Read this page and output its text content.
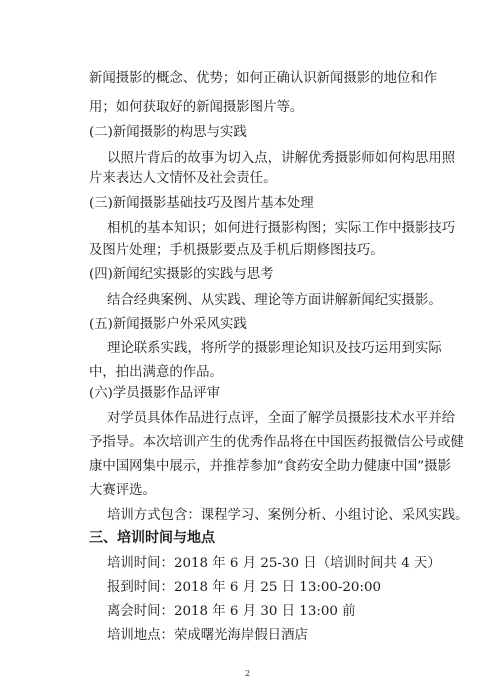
新闻摄影的概念、优势；如何正确认识新闻摄影的地位和作
用；如何获取好的新闻摄影图片等。
(二)新闻摄影的构思与实践
以照片背后的故事为切入点，讲解优秀摄影师如何构思用照
片来表达人文情怀及社会责任。
(三)新闻摄影基础技巧及图片基本处理
相机的基本知识；如何进行摄影构图；实际工作中摄影技巧
及图片处理；手机摄影要点及手机后期修图技巧。
(四)新闻纪实摄影的实践与思考
结合经典案例、从实践、理论等方面讲解新闻纪实摄影。
(五)新闻摄影户外采风实践
理论联系实践，将所学的摄影理论知识及技巧运用到实际
中，拍出满意的作品。
(六)学员摄影作品评审
对学员具体作品进行点评，全面了解学员摄影技术水平并给
予指导。本次培训产生的优秀作品将在中国医药报微信公号或健
康中国网集中展示，并推荐参加“食药安全助力健康中国”摄影
大赛评选。
培训方式包含：课程学习、案例分析、小组讨论、采风实践。
三、培训时间与地点
培训时间：2018 年 6 月 25-30 日（培训时间共 4 天）
报到时间：2018 年 6 月 25 日 13:00-20:00
离会时间：2018 年 6 月 30 日 13:00 前
培训地点：荣成曙光海岸假日酒店
2
